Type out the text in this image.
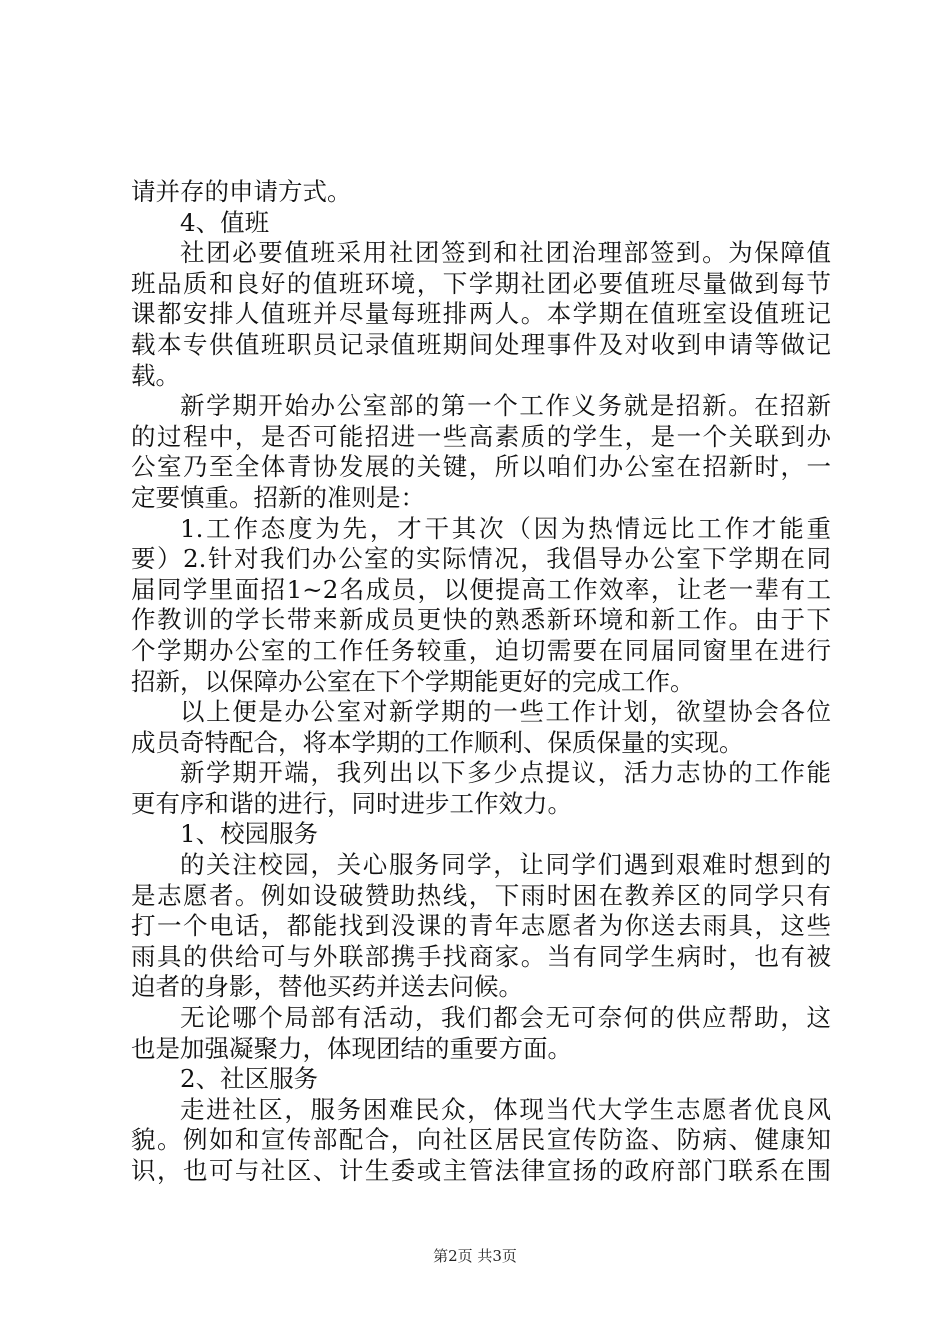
请并存的申请方式。
4、值班
社团必要值班采用社团签到和社团治理部签到。为保障值
班品质和良好的值班环境，下学期社团必要值班尽量做到每节
课都安排人值班并尽量每班排两人。本学期在值班室设值班记
载本专供值班职员记录值班期间处理事件及对收到申请等做记
载。
新学期开始办公室部的第一个工作义务就是招新。在招新
的过程中，是否可能招进一些高素质的学生，是一个关联到办
公室乃至全体青协发展的关键，所以咱们办公室在招新时，一
定要慎重。招新的准则是：
1.工作态度为先，才干其次（因为热情远比工作才能重
要）2.针对我们办公室的实际情况，我倡导办公室下学期在同
届同学里面招1~2名成员，以便提高工作效率，让老一辈有工
作教训的学长带来新成员更快的熟悉新环境和新工作。由于下
个学期办公室的工作任务较重，迫切需要在同届同窗里在进行
招新，以保障办公室在下个学期能更好的完成工作。
以上便是办公室对新学期的一些工作计划，欲望协会各位
成员奇特配合，将本学期的工作顺利、保质保量的实现。
新学期开端，我列出以下多少点提议，活力志协的工作能
更有序和谐的进行，同时进步工作效力。
1、校园服务
的关注校园，关心服务同学，让同学们遇到艰难时想到的
是志愿者。例如设破赞助热线，下雨时困在教养区的同学只有
打一个电话，都能找到没课的青年志愿者为你送去雨具，这些
雨具的供给可与外联部携手找商家。当有同学生病时，也有被
迫者的身影，替他买药并送去问候。
无论哪个局部有活动，我们都会无可奈何的供应帮助，这
也是加强凝聚力，体现团结的重要方面。
2、社区服务
走进社区，服务困难民众，体现当代大学生志愿者优良风
貌。例如和宣传部配合，向社区居民宣传防盗、防病、健康知
识，也可与社区、计生委或主管法律宣扬的政府部门联系在围
第2页 共3页
